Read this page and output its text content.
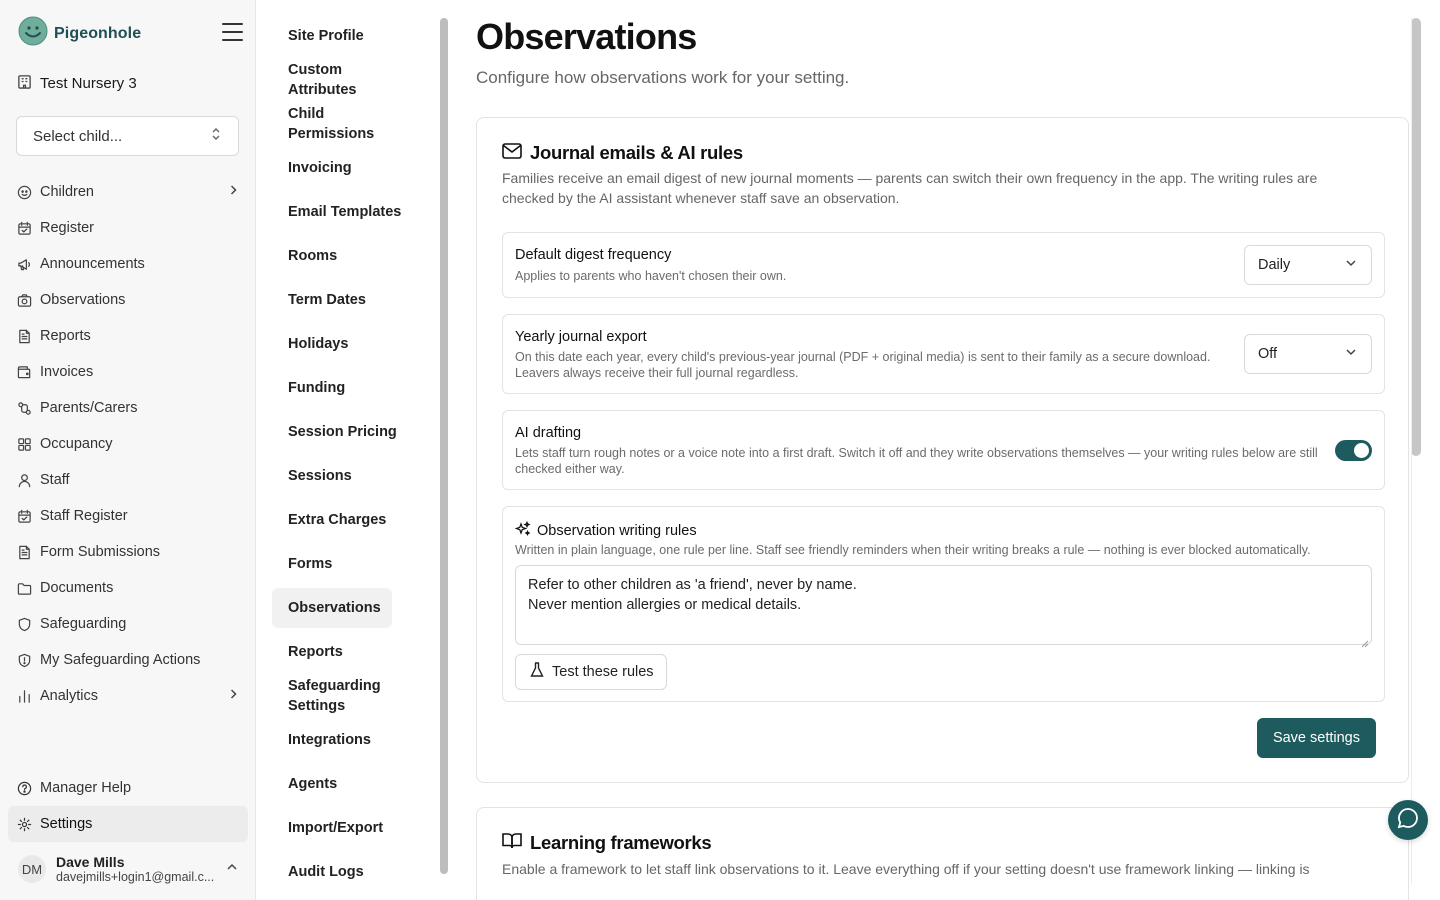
Pigeonhole
Test Nursery 3
Select child...
Children
Register
Announcements
Observations
Reports
Invoices
Parents/Carers
Occupancy
Staff
Staff Register
Form Submissions
Documents
Safeguarding
My Safeguarding Actions
Analytics
Manager Help
Settings
DM Dave Mills
davejmills+login1@gmail.c...
Site Profile
Custom Attributes
Child Permissions
Invoicing
Email Templates
Rooms
Term Dates
Holidays
Funding
Session Pricing
Sessions
Extra Charges
Forms
Observations
Reports
Safeguarding Settings
Integrations
Agents
Import/Export
Audit Logs
Observations

Configure how observations work for your setting.

Journal emails & AI rules

Families receive an email digest of new journal moments — parents can switch their own frequency in the app. The writing rules are checked by the AI assistant whenever staff save an observation.

Default digest frequency
Applies to parents who haven't chosen their own.
Daily
Yearly journal export
On this date each year, every child's previous-year journal (PDF + original media) is sent to their family as a secure download. Leavers always receive their full journal regardless.
Off
AI drafting
Lets staff turn rough notes or a voice note into a first draft. Switch it off and they write observations themselves — your writing rules below are still checked either way.
Observation writing rules
Written in plain language, one rule per line. Staff see friendly reminders when their writing breaks a rule — nothing is ever blocked automatically.
Refer to other children as 'a friend', never by name.
Never mention allergies or medical details.
Test these rules
Save settings
Learning frameworks

Enable a framework to let staff link observations to it. Leave everything off if your setting doesn't use framework linking — linking is
